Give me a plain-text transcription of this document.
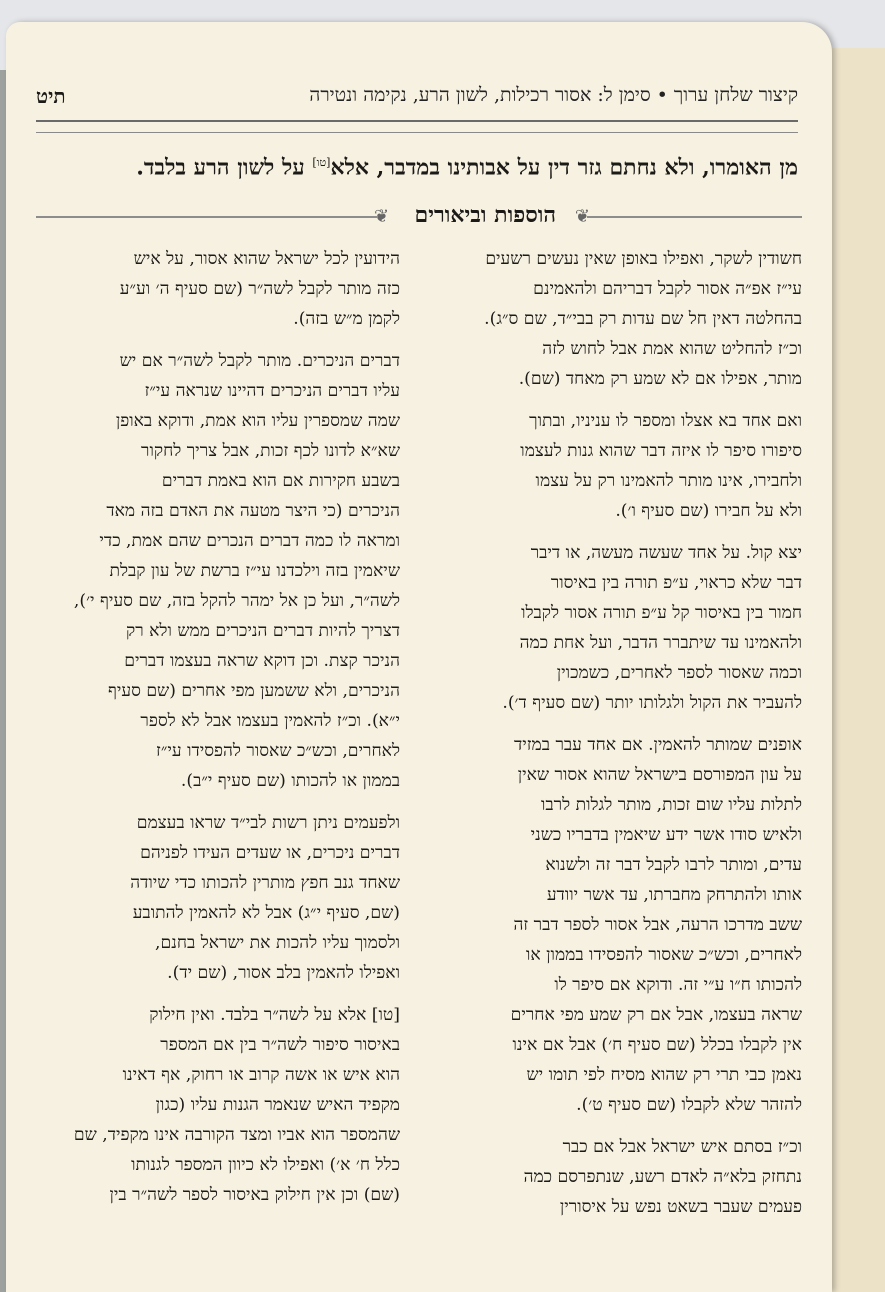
קיצור שלחן ערוך • סימן ל: אסור רכילות, לשון הרע, נקימה ונטירה
תיט
מן האומרו, ולא נחתם גזר דין על אבותינו במדבר, אלא[טו] על לשון הרע בלבד.
❦
הוספות וביאורים
❦

חשודין לשקר, ואפילו באופן שאין נעשים רשעים
עי״ז אפ״ה אסור לקבל דבריהם ולהאמינם
בהחלטה דאין חל שם עדות רק בבי״ד, שם ס״ג).
וכ״ז להחליט שהוא אמת אבל לחוש לזה
מותר, אפילו אם לא שמע רק מאחד (שם).

ואם אחד בא אצלו ומספר לו עניניו, ובתוך
סיפורו סיפר לו איזה דבר שהוא גנות לעצמו
ולחבירו, אינו מותר להאמינו רק על עצמו
ולא על חבירו (שם סעיף ו׳).

יצא קול. על אחד שעשה מעשה, או דיבר
דבר שלא כראוי, ע״פ תורה בין באיסור
חמור בין באיסור קל ע״פ תורה אסור לקבלו
ולהאמינו עד שיתברר הדבר, ועל אחת כמה
וכמה שאסור לספר לאחרים, כשמכוין
להעביר את הקול ולגלותו יותר (שם סעיף ד׳).

אופנים שמותר להאמין. אם אחד עבר במזיד
על עון המפורסם בישראל שהוא אסור שאין
לתלות עליו שום זכות, מותר לגלות לרבו
ולאיש סודו אשר ידע שיאמין בדבריו כשני
עדים, ומותר לרבו לקבל דבר זה ולשנוא
אותו ולהתרחק מחברתו, עד אשר יוודע
ששב מדרכו הרעה, אבל אסור לספר דבר זה
לאחרים, וכש״כ שאסור להפסידו בממון או
להכותו ח״ו ע״י זה. ודוקא אם סיפר לו
שראה בעצמו, אבל אם רק שמע מפי אחרים
אין לקבלו בכלל (שם סעיף ח׳) אבל אם אינו
נאמן כבי תרי רק שהוא מסיח לפי תומו יש
להזהר שלא לקבלו (שם סעיף ט׳).

וכ״ז בסתם איש ישראל אבל אם כבר
נתחזק בלא״ה לאדם רשע, שנתפרסם כמה
פעמים שעבר בשאט נפש על איסורין

הידועין לכל ישראל שהוא אסור, על איש
כזה מותר לקבל לשה״ר (שם סעיף ה׳ וע״ע
לקמן מ״ש בזה).

דברים הניכרים. מותר לקבל לשה״ר אם יש
עליו דברים הניכרים דהיינו שנראה עי״ז
שמה שמספרין עליו הוא אמת, ודוקא באופן
שא״א לדונו לכף זכות, אבל צריך לחקור
בשבע חקירות אם הוא באמת דברים
הניכרים (כי היצר מטעה את האדם בזה מאד
ומראה לו כמה דברים הנכרים שהם אמת, כדי
שיאמין בזה וילכדנו עי״ז ברשת של עון קבלת
לשה״ר, ועל כן אל ימהר להקל בזה, שם סעיף י׳),
דצריך להיות דברים הניכרים ממש ולא רק
הניכר קצת. וכן דוקא שראה בעצמו דברים
הניכרים, ולא ששמען מפי אחרים (שם סעיף
י״א). וכ״ז להאמין בעצמו אבל לא לספר
לאחרים, וכש״כ שאסור להפסידו עי״ז
בממון או להכותו (שם סעיף י״ב).

ולפעמים ניתן רשות לבי״ד שראו בעצמם
דברים ניכרים, או שעדים העידו לפניהם
שאחד גנב חפץ מותרין להכותו כדי שיודה
(שם, סעיף י״ג) אבל לא להאמין להתובע
ולסמוך עליו להכות את ישראל בחנם,
ואפילו להאמין בלב אסור, (שם יד).

[טו] אלא על לשה״ר בלבד. ואין חילוק
באיסור סיפור לשה״ר בין אם המספר
הוא איש או אשה קרוב או רחוק, אף דאינו
מקפיד האיש שנאמר הגנות עליו (כגון
שהמספר הוא אביו ומצד הקורבה אינו מקפיד, שם
כלל ח׳ א׳) ואפילו לא כיוון המספר לגנותו
(שם) וכן אין חילוק באיסור לספר לשה״ר בין
